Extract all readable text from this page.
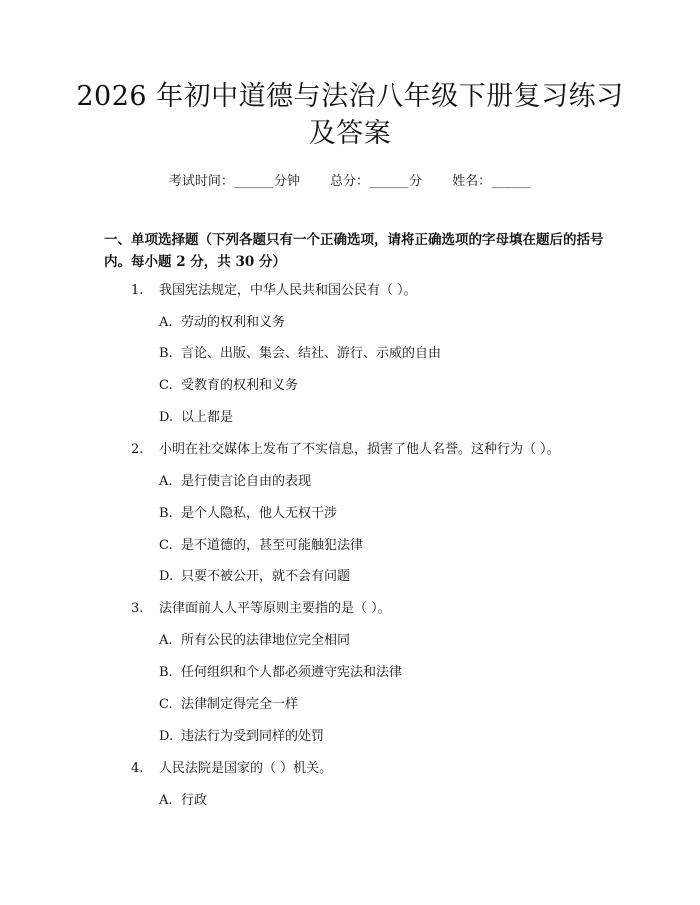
2026 年初中道德与法治八年级下册复习练习及答案
考试时间：______分钟 总分：______分 姓名：______
一、单项选择题（下列各题只有一个正确选项，请将正确选项的字母填在题后的括号内。每小题 2 分，共 30 分）
1. 我国宪法规定，中华人民共和国公民有（ ）。
A. 劳动的权利和义务
B. 言论、出版、集会、结社、游行、示威的自由
C. 受教育的权利和义务
D. 以上都是
2. 小明在社交媒体上发布了不实信息，损害了他人名誉。这种行为（ ）。
A. 是行使言论自由的表现
B. 是个人隐私，他人无权干涉
C. 是不道德的，甚至可能触犯法律
D. 只要不被公开，就不会有问题
3. 法律面前人人平等原则主要指的是（ ）。
A. 所有公民的法律地位完全相同
B. 任何组织和个人都必须遵守宪法和法律
C. 法律制定得完全一样
D. 违法行为受到同样的处罚
4. 人民法院是国家的（ ）机关。
A. 行政
